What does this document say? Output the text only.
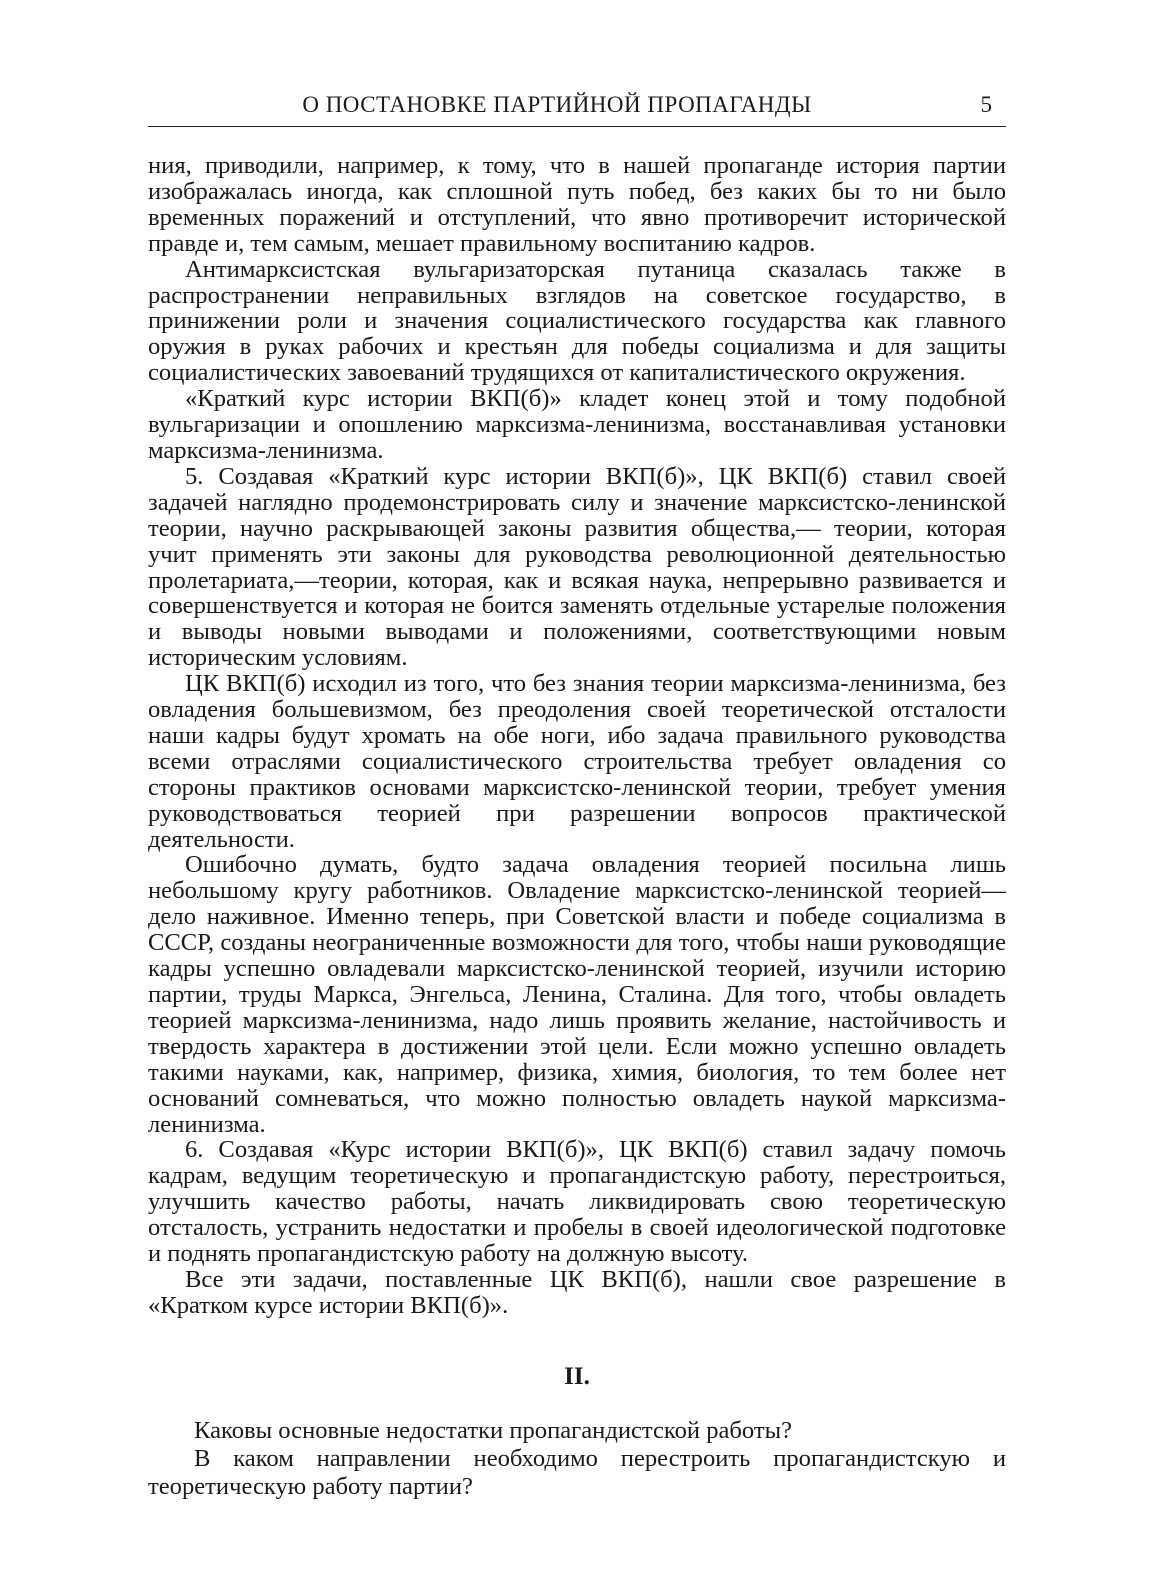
О ПОСТАНОВКЕ ПАРТИЙНОЙ ПРОПАГАНДЫ	5

ния, приводили, например, к тому, что в нашей пропаганде история партии изображалась иногда, как сплошной путь побед, без каких бы то ни было временных поражений и отступлений, что явно противоречит исторической правде и, тем самым, мешает правильному воспитанию кадров.

Антимарксистская вульгаризаторская путаница сказалась также в распространении неправильных взглядов на советское государство, в принижении роли и значения социалистического государства как главного оружия в руках рабочих и крестьян для победы социализма и для защиты социалистических завоеваний трудящихся от капиталистического окружения.

«Краткий курс истории ВКП(б)» кладет конец этой и тому подобной вульгаризации и опошлению марксизма-ленинизма, восстанавливая установки марксизма-ленинизма.

5. Создавая «Краткий курс истории ВКП(б)», ЦК ВКП(б) ставил своей задачей наглядно продемонстрировать силу и значение марксистско-ленинской теории, научно раскрывающей законы развития общества,— теории, которая учит применять эти законы для руководства революционной деятельностью пролетариата,—теории, которая, как и всякая наука, непрерывно развивается и совершенствуется и которая не боится заменять отдельные устарелые положения и выводы новыми выводами и положениями, соответствующими новым историческим условиям.

ЦК ВКП(б) исходил из того, что без знания теории марксизма-ленинизма, без овладения большевизмом, без преодоления своей теоретической отсталости наши кадры будут хромать на обе ноги, ибо задача правильного руководства всеми отраслями социалистического строительства требует овладения со стороны практиков основами марксистско-ленинской теории, требует умения руководствоваться теорией при разрешении вопросов практической деятельности.

Ошибочно думать, будто задача овладения теорией посильна лишь небольшому кругу работников. Овладение марксистско-ленинской теорией—дело наживное. Именно теперь, при Советской власти и победе социализма в СССР, созданы неограниченные возможности для того, чтобы наши руководящие кадры успешно овладевали марксистско-ленинской теорией, изучили историю партии, труды Маркса, Энгельса, Ленина, Сталина. Для того, чтобы овладеть теорией марксизма-ленинизма, надо лишь проявить желание, настойчивость и твердость характера в достижении этой цели. Если можно успешно овладеть такими науками, как, например, физика, химия, биология, то тем более нет оснований сомневаться, что можно полностью овладеть наукой марксизма-ленинизма.

6. Создавая «Курс истории ВКП(б)», ЦК ВКП(б) ставил задачу помочь кадрам, ведущим теоретическую и пропагандистскую работу, перестроиться, улучшить качество работы, начать ликвидировать свою теоретическую отсталость, устранить недостатки и пробелы в своей идеологической подготовке и поднять пропагандистскую работу на должную высоту.

Все эти задачи, поставленные ЦК ВКП(б), нашли свое разрешение в «Кратком курсе истории ВКП(б)».

II.

Каковы основные недостатки пропагандистской работы?

В каком направлении необходимо перестроить пропагандистскую и теоретическую работу партии?
